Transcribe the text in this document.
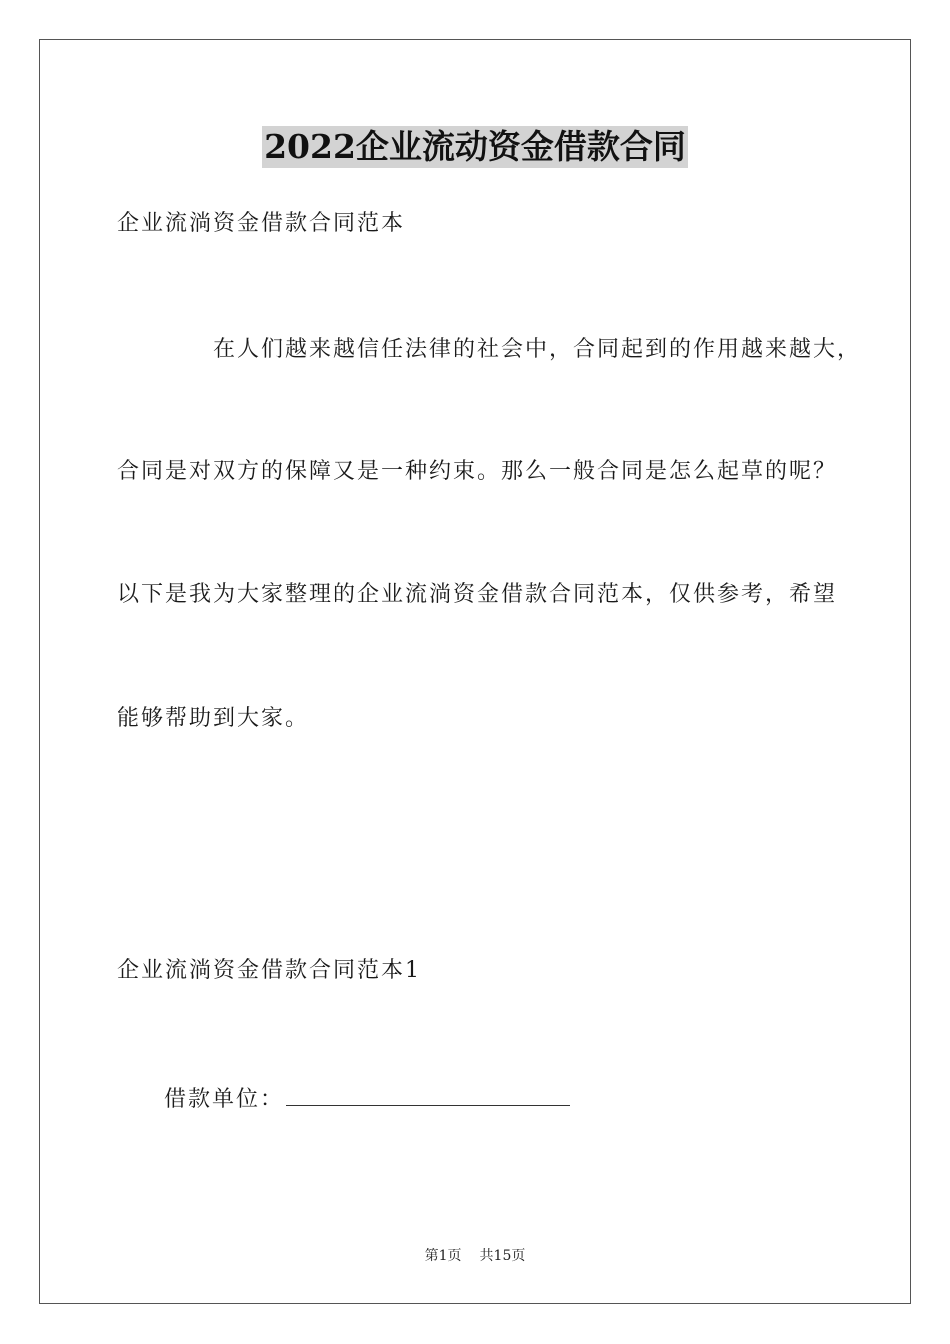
2022企业流动资金借款合同
企业流淌资金借款合同范本
在人们越来越信任法律的社会中，合同起到的作用越来越大，
合同是对双方的保障又是一种约束。那么一般合同是怎么起草的呢？
以下是我为大家整理的企业流淌资金借款合同范本，仅供参考，希望
能够帮助到大家。
企业流淌资金借款合同范本1
借款单位：
第1页 共15页
